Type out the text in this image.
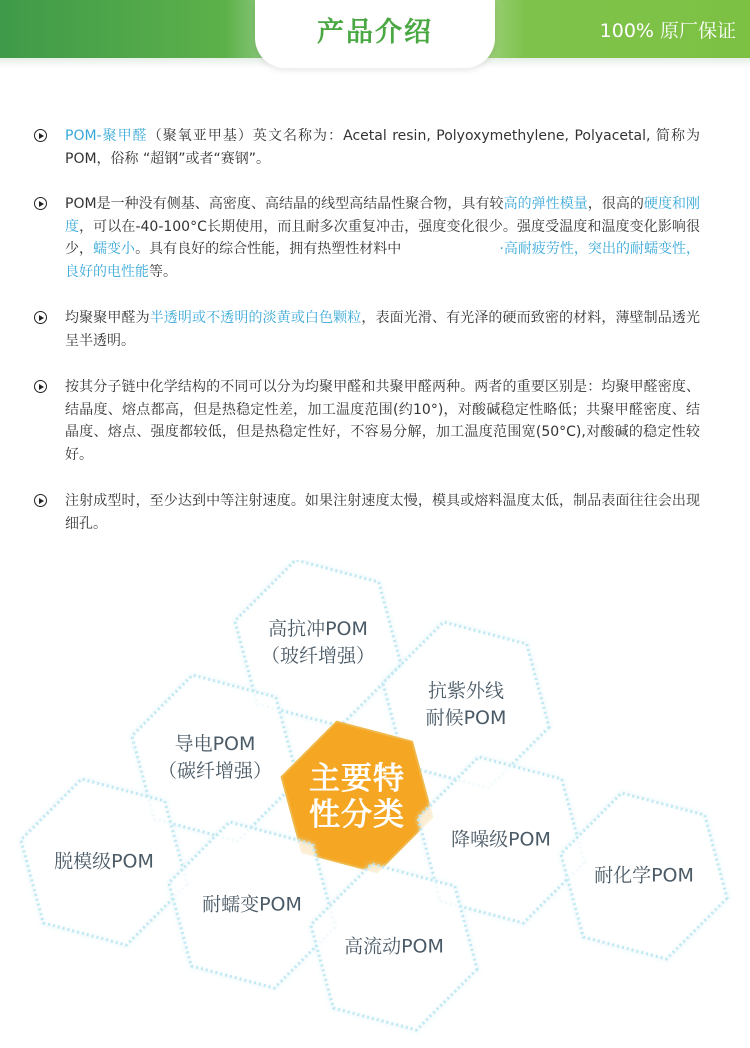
产品介绍	100% 原厂保证
POM-聚甲醛（聚氧亚甲基）英文名称为：Acetal resin, Polyoxymethylene, Polyacetal, 简称为POM，俗称 “超钢”或者“赛钢”。
POM是一种没有侧基、高密度、高结晶的线型高结晶性聚合物，具有较高的弹性模量，很高的硬度和刚度，可以在-40-100°C长期使用，而且耐多次重复冲击，强度变化很少。强度受温度和温度变化影响很少，蠕变小。具有良好的综合性能，拥有热塑性材料中　　　　　　　·高耐疲劳性，突出的耐蠕变性，良好的电性能等。
均聚聚甲醛为半透明或不透明的淡黄或白色颗粒，表面光滑、有光泽的硬而致密的材料，薄壁制品透光呈半透明。
按其分子链中化学结构的不同可以分为均聚甲醛和共聚甲醛两种。两者的重要区别是：均聚甲醛密度、 结晶度、熔点都高，但是热稳定性差，加工温度范围(约10°)，对酸碱稳定性略低；共聚甲醛密度、结晶度、熔点、强度都较低，但是热稳定性好，不容易分解，加工温度范围宽(50°C),对酸碱的稳定性较好。
注射成型时，至少达到中等注射速度。如果注射速度太慢，模具或熔料温度太低，制品表面往往会出现细孔。
高抗冲POM
（玻纤增强）
抗紫外线
耐候POM
导电POM
（碳纤增强） 主要特
性分类
降噪级POM
脱模级POM
耐化学POM
耐蠕变POM
高流动POM
